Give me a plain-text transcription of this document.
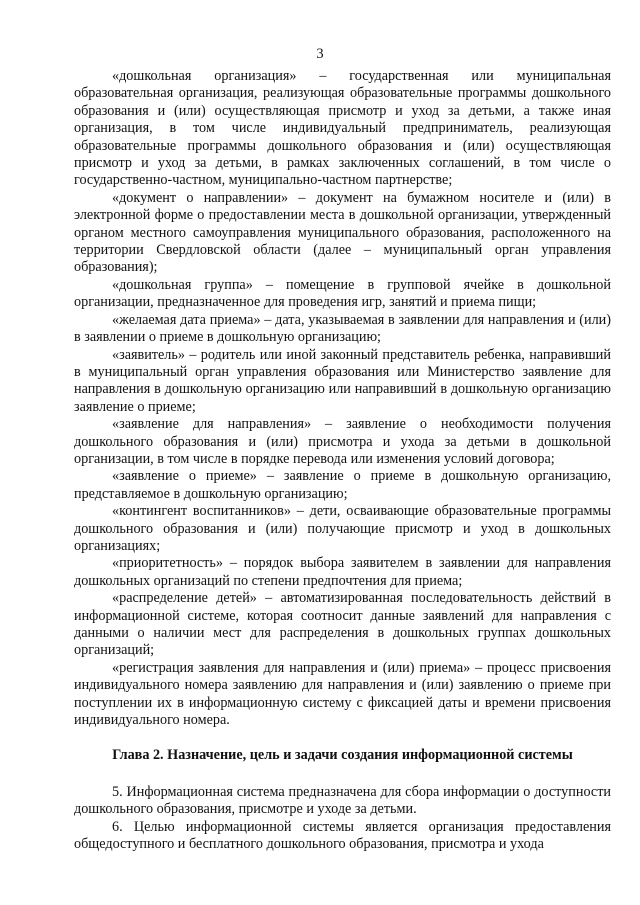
3

«дошкольная организация» – государственная или муниципальная образовательная организация, реализующая образовательные программы дошкольного образования и (или) осуществляющая присмотр и уход за детьми, а также иная организация, в том числе индивидуальный предприниматель, реализующая образовательные программы дошкольного образования и (или) осуществляющая присмотр и уход за детьми, в рамках заключенных соглашений, в том числе о государственно-частном, муниципально-частном партнерстве;

«документ о направлении» – документ на бумажном носителе и (или) в электронной форме о предоставлении места в дошкольной организации, утвержденный органом местного самоуправления муниципального образования, расположенного на территории Свердловской области (далее – муниципальный орган управления образования);

«дошкольная группа» – помещение в групповой ячейке в дошкольной организации, предназначенное для проведения игр, занятий и приема пищи;

«желаемая дата приема» – дата, указываемая в заявлении для направления и (или) в заявлении о приеме в дошкольную организацию;

«заявитель» – родитель или иной законный представитель ребенка, направивший в муниципальный орган управления образования или Министерство заявление для направления в дошкольную организацию или направивший в дошкольную организацию заявление о приеме;

«заявление для направления» – заявление о необходимости получения дошкольного образования и (или) присмотра и ухода за детьми в дошкольной организации, в том числе в порядке перевода или изменения условий договора;

«заявление о приеме» – заявление о приеме в дошкольную организацию, представляемое в дошкольную организацию;

«контингент воспитанников» – дети, осваивающие образовательные программы дошкольного образования и (или) получающие присмотр и уход в дошкольных организациях;

«приоритетность» – порядок выбора заявителем в заявлении для направления дошкольных организаций по степени предпочтения для приема;

«распределение детей» – автоматизированная последовательность действий в информационной системе, которая соотносит данные заявлений для направления с данными о наличии мест для распределения в дошкольных группах дошкольных организаций;

«регистрация заявления для направления и (или) приема» – процесс присвоения индивидуального номера заявлению для направления и (или) заявлению о приеме при поступлении их в информационную систему с фиксацией даты и времени присвоения индивидуального номера.

Глава 2. Назначение, цель и задачи создания информационной системы

5. Информационная система предназначена для сбора информации о доступности дошкольного образования, присмотре и уходе за детьми.

6. Целью информационной системы является организация предоставления общедоступного и бесплатного дошкольного образования, присмотра и ухода
